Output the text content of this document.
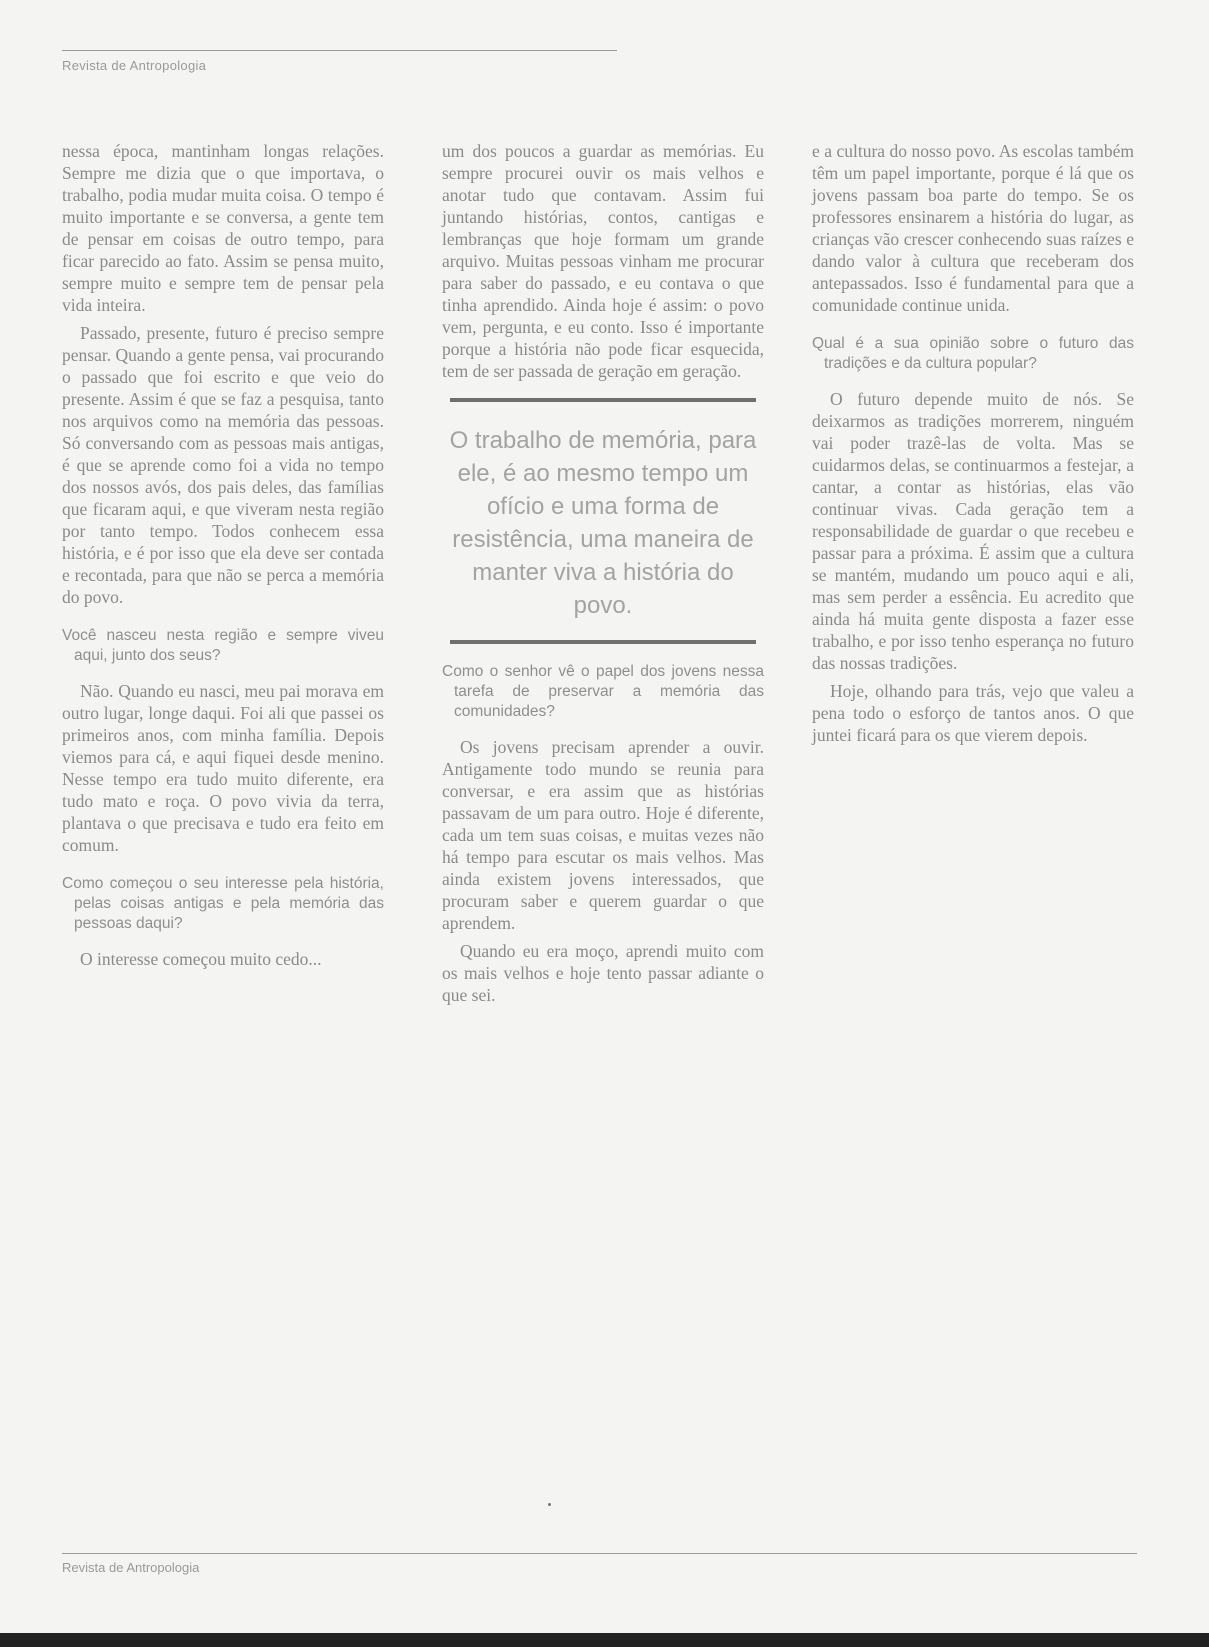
Revista de Antropologia

nessa época, mantinham longas relações. Sempre me dizia que o que importava, o trabalho, podia mudar muita coisa. O tempo é muito importante e se conversa, a gente tem de pensar em coisas de outro tempo, para ficar parecido ao fato. Assim se pensa muito, sempre muito e sempre tem de pensar pela vida inteira.

Passado, presente, futuro é preciso sempre pensar. Quando a gente pensa, vai procurando o passado que foi escrito e que veio do presente. Assim é que se faz a pesquisa, tanto nos arquivos como na memória das pessoas. Só conversando com as pessoas mais antigas, é que se aprende como foi a vida no tempo dos nossos avós, dos pais deles, das famílias que ficaram aqui, e que viveram nesta região por tanto tempo. Todos conhecem essa história, e é por isso que ela deve ser contada e recontada, para que não se perca a memória do povo.

Você nasceu nesta região e sempre viveu aqui, junto dos seus?

Não. Quando eu nasci, meu pai morava em outro lugar, longe daqui. Foi ali que passei os primeiros anos, com minha família. Depois viemos para cá, e aqui fiquei desde menino. Nesse tempo era tudo muito diferente, era tudo mato e roça. O povo vivia da terra, plantava o que precisava e tudo era feito em comum.

Como começou o seu interesse pela história, pelas coisas antigas e pela memória das pessoas daqui?

O interesse começou muito cedo...

um dos poucos a guardar as memórias. Eu sempre procurei ouvir os mais velhos e anotar tudo que contavam. Assim fui juntando histórias, contos, cantigas e lembranças que hoje formam um grande arquivo. Muitas pessoas vinham me procurar para saber do passado, e eu contava o que tinha aprendido. Ainda hoje é assim: o povo vem, pergunta, e eu conto. Isso é importante porque a história não pode ficar esquecida, tem de ser passada de geração em geração.

O trabalho de memória, para ele, é ao mesmo tempo um ofício e uma forma de resistência, uma maneira de manter viva a história do povo.
Como o senhor vê o papel dos jovens nessa tarefa de preservar a memória das comunidades?

Os jovens precisam aprender a ouvir. Antigamente todo mundo se reunia para conversar, e era assim que as histórias passavam de um para outro. Hoje é diferente, cada um tem suas coisas, e muitas vezes não há tempo para escutar os mais velhos. Mas ainda existem jovens interessados, que procuram saber e querem guardar o que aprendem.

Quando eu era moço, aprendi muito com os mais velhos e hoje tento passar adiante o que sei.

e a cultura do nosso povo. As escolas também têm um papel importante, porque é lá que os jovens passam boa parte do tempo. Se os professores ensinarem a história do lugar, as crianças vão crescer conhecendo suas raízes e dando valor à cultura que receberam dos antepassados. Isso é fundamental para que a comunidade continue unida.

Qual é a sua opinião sobre o futuro das tradições e da cultura popular?

O futuro depende muito de nós. Se deixarmos as tradições morrerem, ninguém vai poder trazê-las de volta. Mas se cuidarmos delas, se continuarmos a festejar, a cantar, a contar as histórias, elas vão continuar vivas. Cada geração tem a responsabilidade de guardar o que recebeu e passar para a próxima. É assim que a cultura se mantém, mudando um pouco aqui e ali, mas sem perder a essência. Eu acredito que ainda há muita gente disposta a fazer esse trabalho, e por isso tenho esperança no futuro das nossas tradições.

Hoje, olhando para trás, vejo que valeu a pena todo o esforço de tantos anos. O que juntei ficará para os que vierem depois.

Revista de Antropologia
